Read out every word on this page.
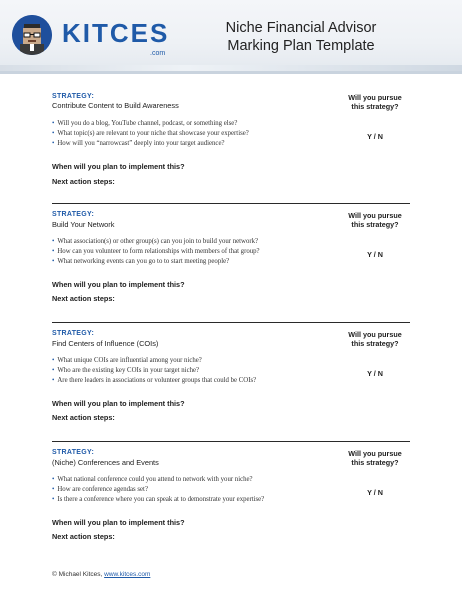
KITCES
.com
Niche Financial Advisor
Marking Plan Template
STRATEGY:
Contribute Content to Build Awareness
Will you pursue
this strategy?
• Will you do a blog, YouTube channel, podcast, or something else?
• What topic(s) are relevant to your niche that showcase your expertise?
• How will you “narrowcast” deeply into your target audience?
Y / N
When will you plan to implement this?
Next action steps:
STRATEGY:
Build Your Network
Will you pursue
this strategy?
• What association(s) or other group(s) can you join to build your network?
• How can you volunteer to form relationships with members of that group?
• What networking events can you go to to start meeting people?
Y / N
When will you plan to implement this?
Next action steps:
STRATEGY:
Find Centers of Influence (COIs)
Will you pursue
this strategy?
• What unique COIs are influential among your niche?
• Who are the existing key COIs in your target niche?
• Are there leaders in associations or volunteer groups that could be COIs?
Y / N
When will you plan to implement this?
Next action steps:
STRATEGY:
(Niche) Conferences and Events
Will you pursue
this strategy?
• What national conference could you attend to network with your niche?
• How are conference agendas set?
• Is there a conference where you can speak at to demonstrate your expertise?
Y / N
When will you plan to implement this?
Next action steps:
© Michael Kitces, www.kitces.com
